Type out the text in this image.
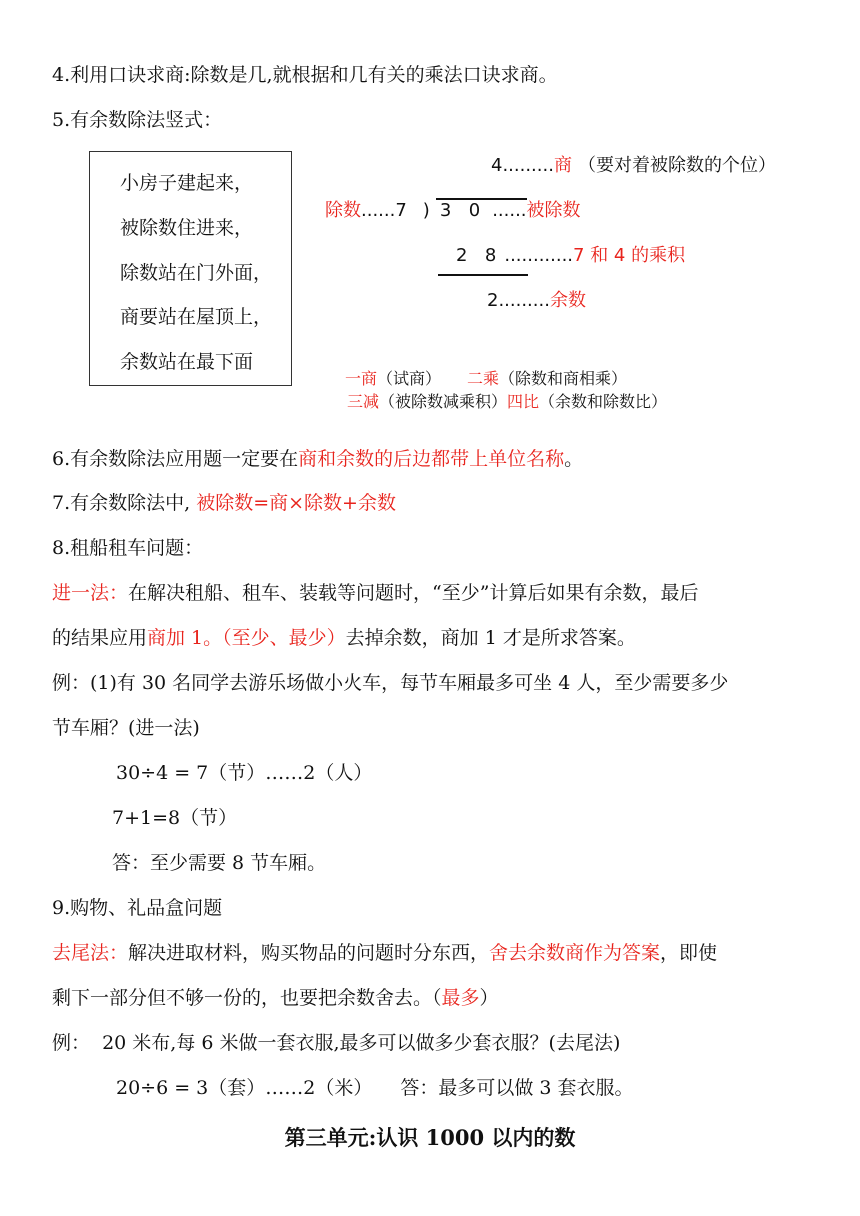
4.利用口诀求商:除数是几,就根据和几有关的乘法口诀求商。
5.有余数除法竖式：
小房子建起来，
被除数住进来，
除数站在门外面，
商要站在屋顶上，
余数站在最下面
4.........商 （要对着被除数的个位）
除数......7 ) 3  0 ......被除数
2  8 ............7 和 4 的乘积
2.........余数
一商（试商） 二乘（除数和商相乘）
三减（被除数减乘积）四比（余数和除数比）
6.有余数除法应用题一定要在商和余数的后边都带上单位名称。
7.有余数除法中, 被除数=商×除数+余数
8.租船租车问题：
进一法：在解决租船、租车、装载等问题时，“至少”计算后如果有余数，最后
的结果应用商加 1。（至少、最少）去掉余数，商加 1 才是所求答案。
例：(1)有 30 名同学去游乐场做小火车，每节车厢最多可坐 4 人，至少需要多少
节车厢？(进一法)
30÷4 = 7（节）……2（人）
7+1=8（节）
答：至少需要 8 节车厢。
9.购物、礼品盒问题
去尾法：解决进取材料，购买物品的问题时分东西，舍去余数商作为答案，即使
剩下一部分但不够一份的，也要把余数舍去。（最多）
例：  20 米布,每 6 米做一套衣服,最多可以做多少套衣服？(去尾法)
20÷6 = 3（套）……2（米） 答：最多可以做 3 套衣服。
第三单元:认识 1000 以内的数
